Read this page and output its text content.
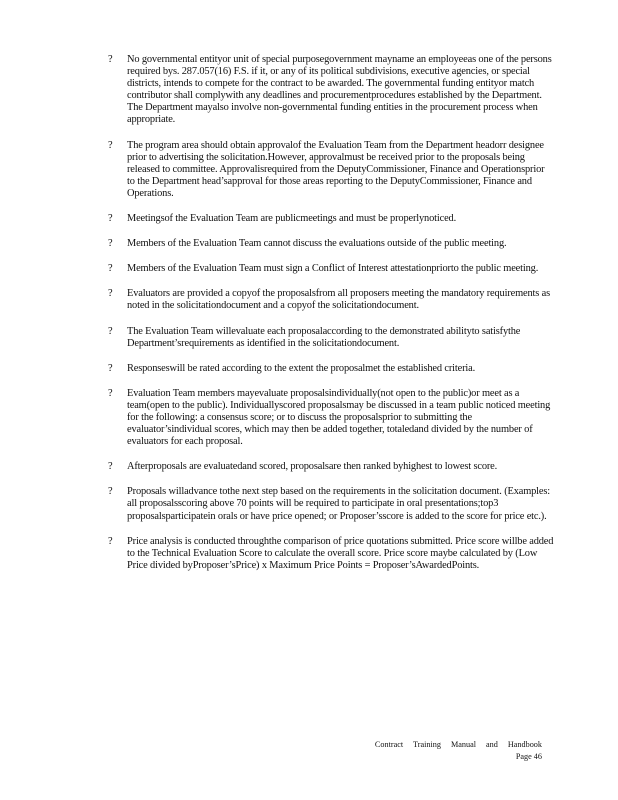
? No governmental entityor unit of special purposegovernment mayname an employeeas one of the persons required bys. 287.057(16) F.S. if it, or any of its political subdivisions, executive agencies, or special districts, intends to compete for the contract to be awarded. The governmental funding entityor match contributor shall complywith any deadlines and procurementprocedures established by the Department. The Department mayalso involve non-governmental funding entities in the procurement process when appropriate.
? The program area should obtain approvalof the Evaluation Team from the Department headorr designee prior to advertising the solicitation.However, approvalmust be received prior to the proposals being released to committee. Approvalisrequired from the DeputyCommissioner, Finance and Operationsprior to the Department head’sapproval for those areas reporting to the DeputyCommissioner, Finance and Operations.
? Meetingsof the Evaluation Team are publicmeetings and must be properlynoticed.
? Members of the Evaluation Team cannot discuss the evaluations outside of the public meeting.
? Members of the Evaluation Team must sign a Conflict of Interest attestationpriorto the public meeting.
? Evaluators are provided a copyof the proposalsfrom all proposers meeting the mandatory requirements as noted in the solicitationdocument and a copyof the solicitationdocument.
? The Evaluation Team willevaluate each proposalaccording to the demonstrated abilityto satisfythe Department’srequirements as identified in the solicitationdocument.
? Responseswill be rated according to the extent the proposalmet the established criteria.
? Evaluation Team members mayevaluate proposalsindividually(not open to the public)or meet as a team(open to the public). Individuallyscored proposalsmay be discussed in a team public noticed meeting for the following: a consensus score; or to discuss the proposalsprior to submitting the evaluator’sindividual scores, which may then be added together, totaledand divided by the number of evaluators for each proposal.
? Afterproposals are evaluatedand scored, proposalsare then ranked byhighest to lowest score.
? Proposals willadvance tothe next step based on the requirements in the solicitation document. (Examples: all proposalsscoring above 70 points will be required to participate in oral presentations;top3 proposalsparticipatein orals or have price opened; or Proposer’sscore is added to the score for price etc.).
? Price analysis is conducted throughthe comparison of price quotations submitted. Price score willbe added to the Technical Evaluation Score to calculate the overall score. Price score maybe calculated by (Low Price divided byProposer’sPrice) x Maximum Price Points = Proposer’sAwardedPoints.
Contract Training Manual and Handbook
Page 46
